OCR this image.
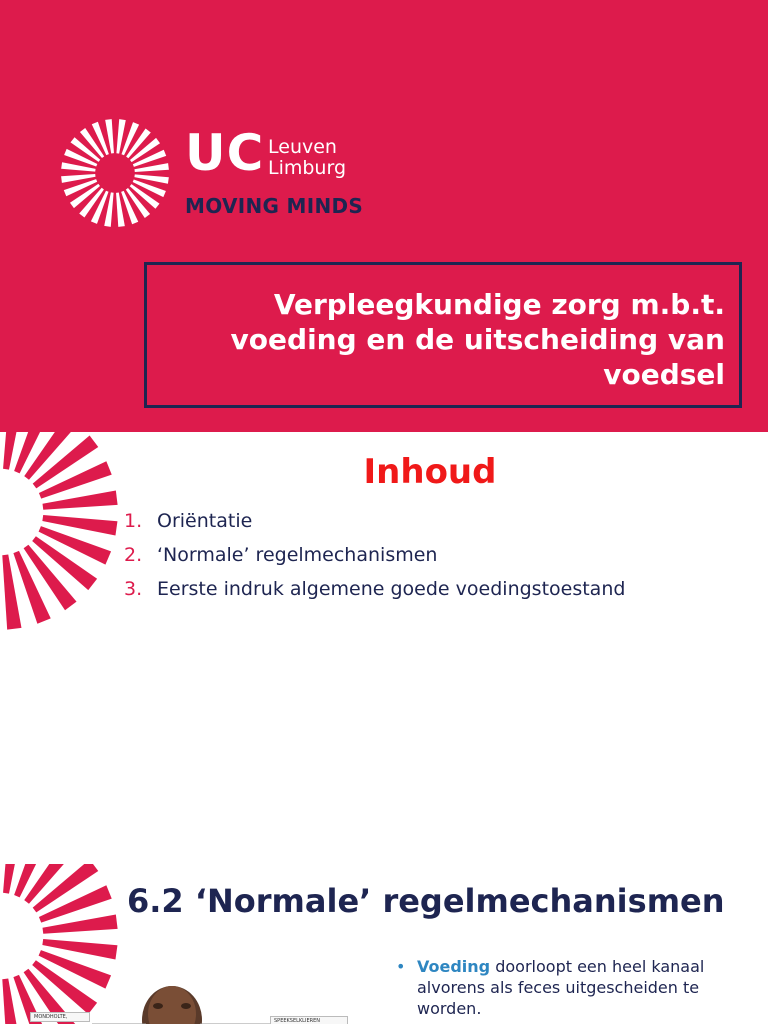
UC Leuven
Limburg
MOVING MINDS
Verpleegkundige zorg m.b.t.
voeding en de uitscheiding van
voedsel
Inhoud
1. Oriëntatie
2. ‘Normale’ regelmechanismen
3. Eerste indruk algemene goede voedingstoestand
6.2 ‘Normale’ regelmechanismen
• Voeding doorloopt een heel kanaal alvorens als feces uitgescheiden te worden.
MONDHOLTE,
SPEEKSELKLIEREN
